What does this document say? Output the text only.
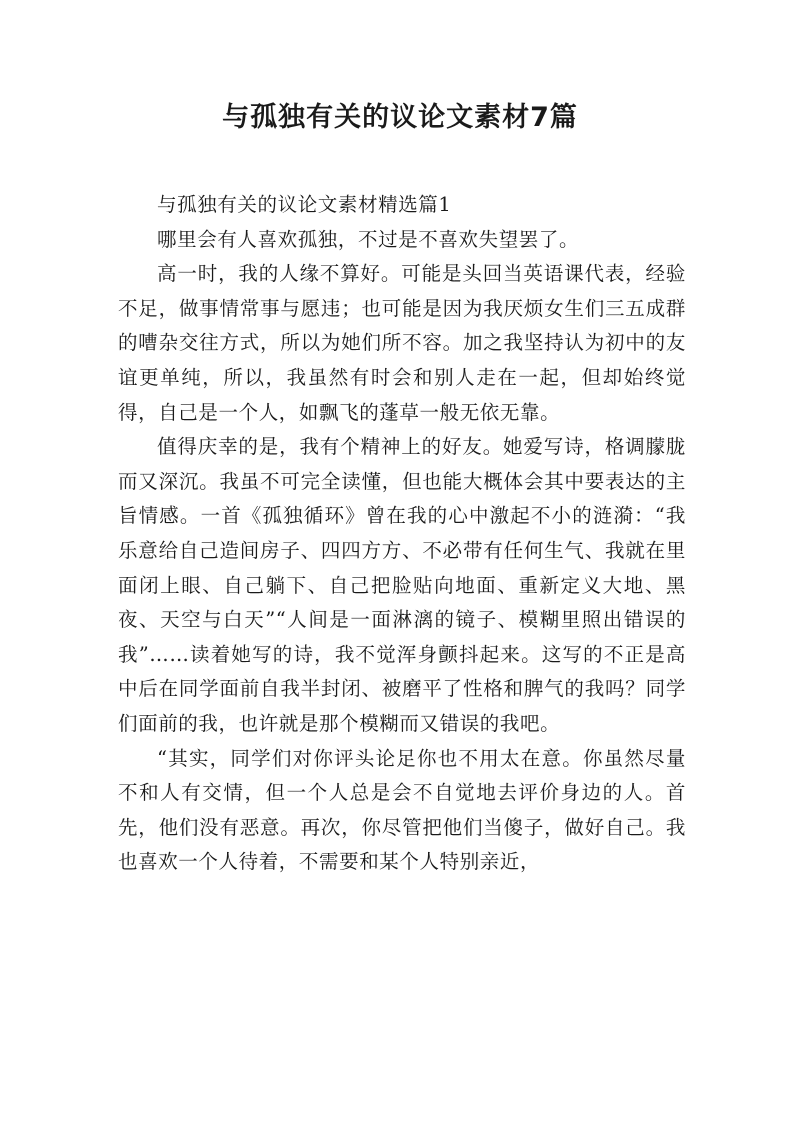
与孤独有关的议论文素材7篇

与孤独有关的议论文素材精选篇1

哪里会有人喜欢孤独，不过是不喜欢失望罢了。

高一时，我的人缘不算好。可能是头回当英语课代表，经验不足，做事情常事与愿违；也可能是因为我厌烦女生们三五成群的嘈杂交往方式，所以为她们所不容。加之我坚持认为初中的友谊更单纯，所以，我虽然有时会和别人走在一起，但却始终觉得，自己是一个人，如飘飞的蓬草一般无依无靠。

值得庆幸的是，我有个精神上的好友。她爱写诗，格调朦胧而又深沉。我虽不可完全读懂，但也能大概体会其中要表达的主旨情感。一首《孤独循环》曾在我的心中激起不小的涟漪：“我乐意给自己造间房子、四四方方、不必带有任何生气、我就在里面闭上眼、自己躺下、自己把脸贴向地面、重新定义大地、黑夜、天空与白天”“人间是一面淋漓的镜子、模糊里照出错误的我”……读着她写的诗，我不觉浑身颤抖起来。这写的不正是高中后在同学面前自我半封闭、被磨平了性格和脾气的我吗？同学们面前的我，也许就是那个模糊而又错误的我吧。

“其实，同学们对你评头论足你也不用太在意。你虽然尽量不和人有交情，但一个人总是会不自觉地去评价身边的人。首先，他们没有恶意。再次，你尽管把他们当傻子，做好自己。我也喜欢一个人待着，不需要和某个人特别亲近，
